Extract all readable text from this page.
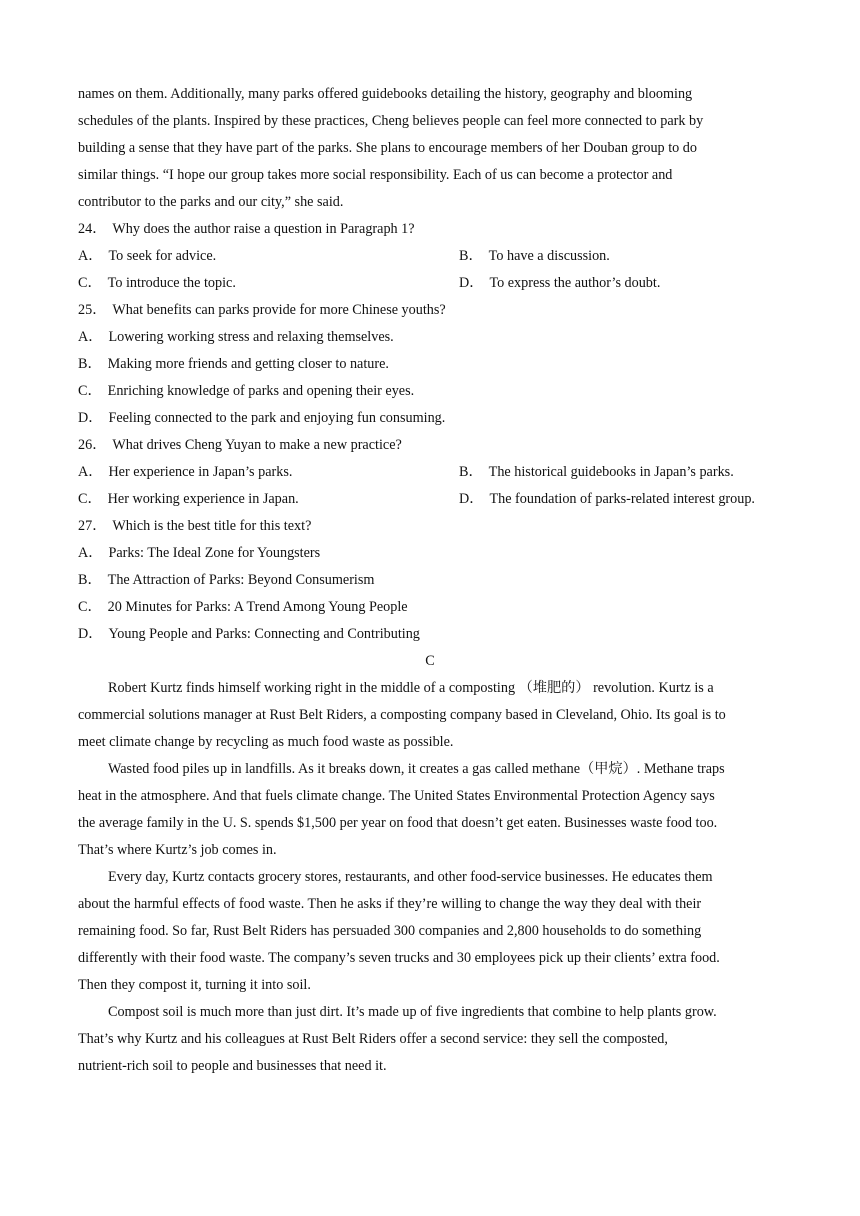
names on them. Additionally, many parks offered guidebooks detailing the history, geography and blooming
schedules of the plants. Inspired by these practices, Cheng believes people can feel more connected to park by
building a sense that they have part of the parks. She plans to encourage members of her Douban group to do
similar things. “I hope our group takes more social responsibility. Each of us can become a protector and
contributor to the parks and our city,” she said.
24． Why does the author raise a question in Paragraph 1?
A． To seek for advice.	B． To have a discussion.
C． To introduce the topic.	D． To express the author’s doubt.
25． What benefits can parks provide for more Chinese youths?
A． Lowering working stress and relaxing themselves.
B． Making more friends and getting closer to nature.
C． Enriching knowledge of parks and opening their eyes.
D． Feeling connected to the park and enjoying fun consuming.
26． What drives Cheng Yuyan to make a new practice?
A． Her experience in Japan’s parks.	B． The historical guidebooks in Japan’s parks.
C． Her working experience in Japan.	D． The foundation of parks-related interest group.
27． Which is the best title for this text?
A． Parks: The Ideal Zone for Youngsters
B． The Attraction of Parks: Beyond Consumerism
C． 20 Minutes for Parks: A Trend Among Young People
D． Young People and Parks: Connecting and Contributing
C
Robert Kurtz finds himself working right in the middle of a composting （堆肥的） revolution. Kurtz is a
commercial solutions manager at Rust Belt Riders, a composting company based in Cleveland, Ohio. Its goal is to
meet climate change by recycling as much food waste as possible.
Wasted food piles up in landfills. As it breaks down, it creates a gas called methane（甲烷）. Methane traps
heat in the atmosphere. And that fuels climate change. The United States Environmental Protection Agency says
the average family in the U. S. spends $1,500 per year on food that doesn’t get eaten. Businesses waste food too.
That’s where Kurtz’s job comes in.
Every day, Kurtz contacts grocery stores, restaurants, and other food-service businesses. He educates them
about the harmful effects of food waste. Then he asks if they’re willing to change the way they deal with their
remaining food. So far, Rust Belt Riders has persuaded 300 companies and 2,800 households to do something
differently with their food waste. The company’s seven trucks and 30 employees pick up their clients’ extra food.
Then they compost it, turning it into soil.
Compost soil is much more than just dirt. It’s made up of five ingredients that combine to help plants grow.
That’s why Kurtz and his colleagues at Rust Belt Riders offer a second service: they sell the composted,
nutrient-rich soil to people and businesses that need it.
